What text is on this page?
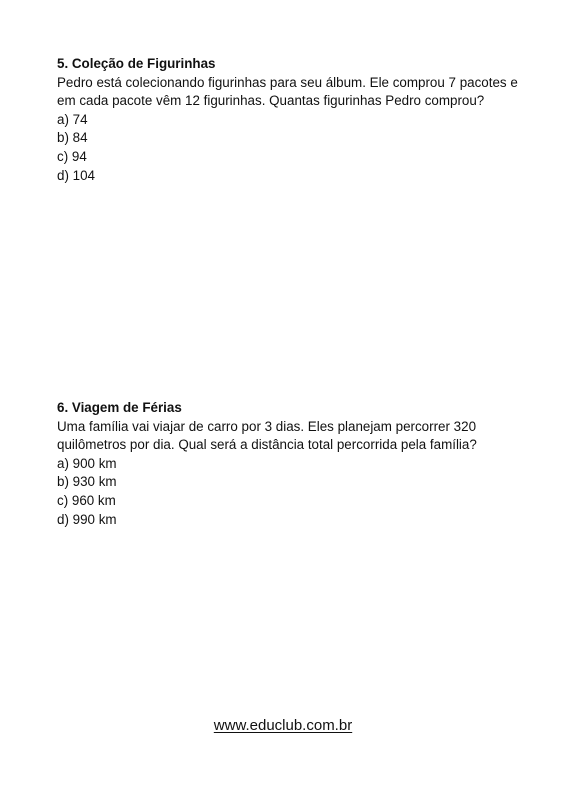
5. Coleção de Figurinhas

Pedro está colecionando figurinhas para seu álbum. Ele comprou 7 pacotes e em cada pacote vêm 12 figurinhas. Quantas figurinhas Pedro comprou?

a) 74
b) 84
c) 94
d) 104

6. Viagem de Férias

Uma família vai viajar de carro por 3 dias. Eles planejam percorrer 320 quilômetros por dia. Qual será a distância total percorrida pela família?

a) 900 km
b) 930 km
c) 960 km
d) 990 km
www.educlub.com.br
